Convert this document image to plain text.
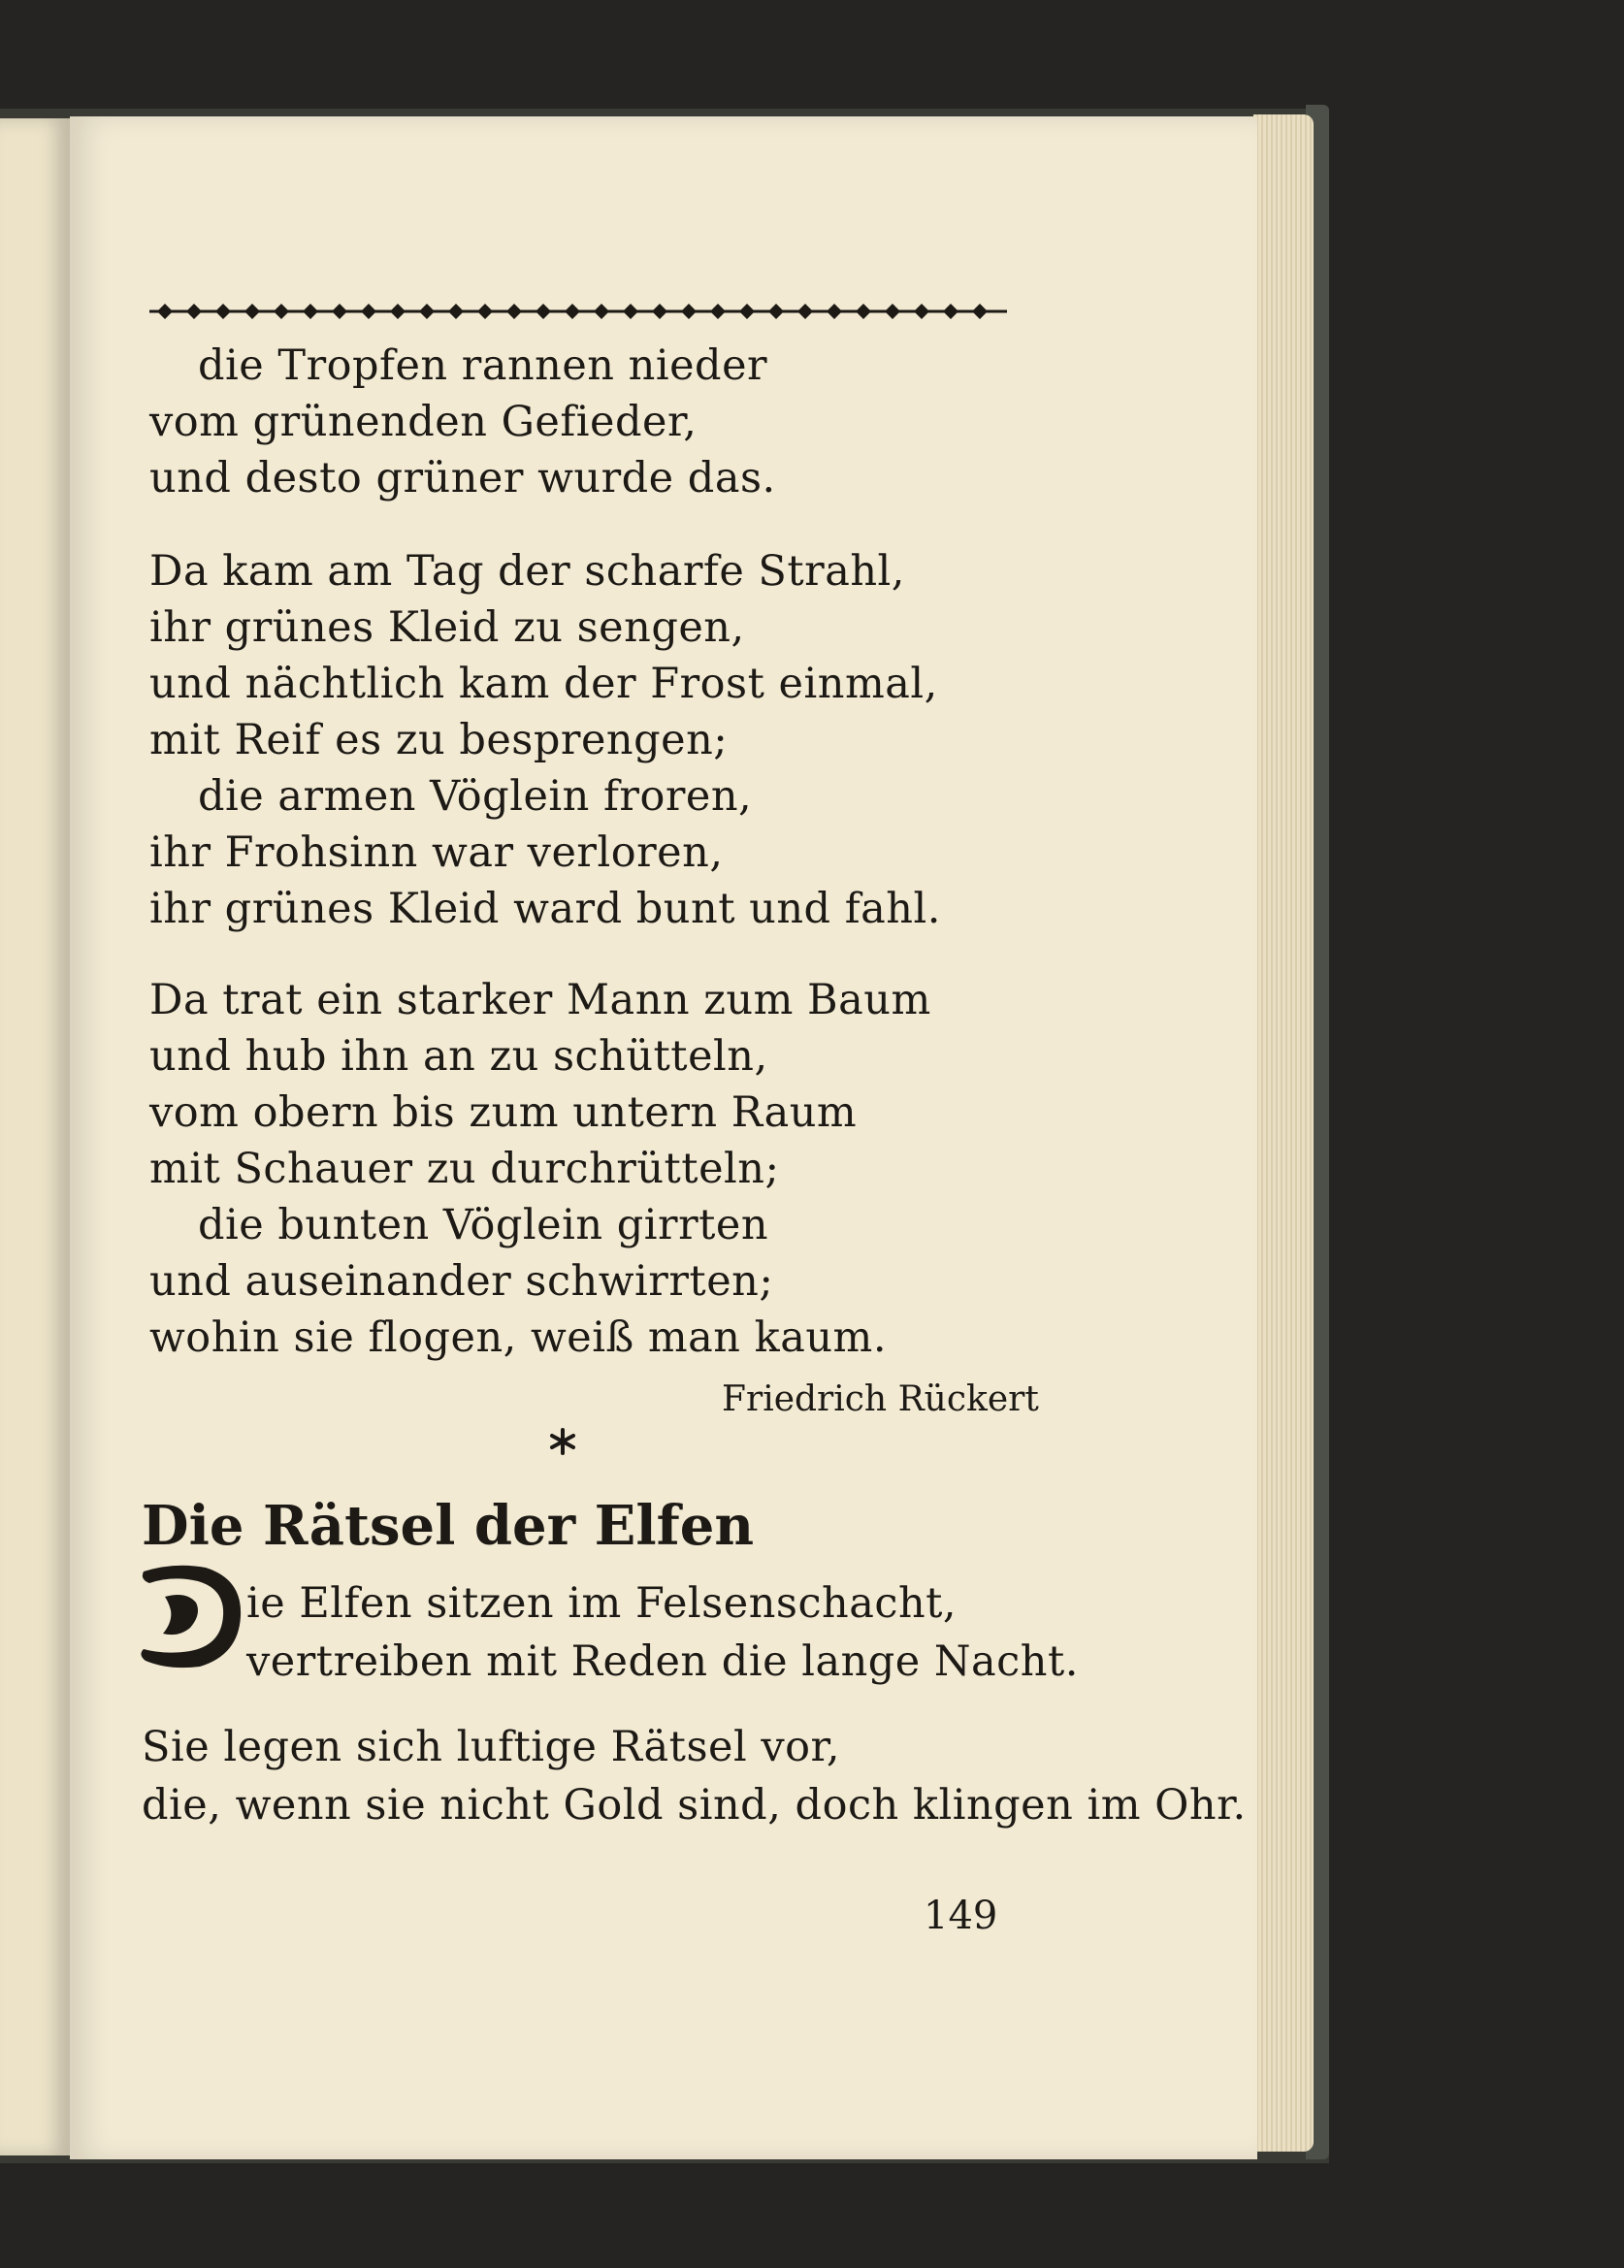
die Tropfen rannen nieder
vom grünenden Gefieder,
und desto grüner wurde das.
Da kam am Tag der scharfe Strahl,
ihr grünes Kleid zu sengen,
und nächtlich kam der Frost einmal,
mit Reif es zu besprengen;
die armen Vöglein froren,
ihr Frohsinn war verloren,
ihr grünes Kleid ward bunt und fahl.
Da trat ein starker Mann zum Baum
und hub ihn an zu schütteln,
vom obern bis zum untern Raum
mit Schauer zu durchrütteln;
die bunten Vöglein girrten
und auseinander schwirrten;
wohin sie flogen, weiß man kaum.
Friedrich Rückert
Die Rätsel der Elfen
D
ie Elfen sitzen im Felsenschacht,
vertreiben mit Reden die lange Nacht.
Sie legen sich luftige Rätsel vor,
die, wenn sie nicht Gold sind, doch klingen im Ohr.
149
